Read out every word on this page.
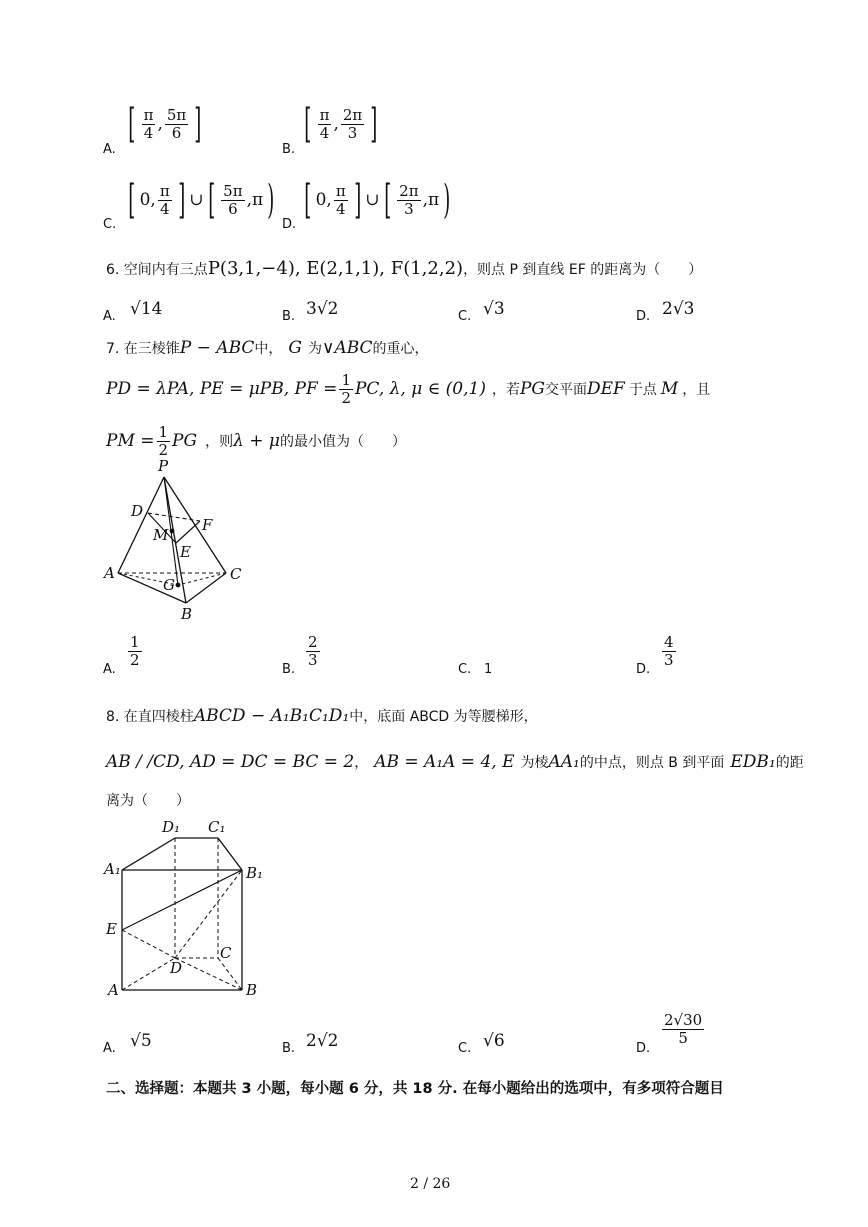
A.
[ $\frac{\pi}{4}$ , $\frac{5\pi}{6}$ ]
B.
[ $\frac{\pi}{4}$ , $\frac{2\pi}{3}$ ]
C.
[ 0, $\frac{\pi}{4}$ ] ∪ [ $\frac{5\pi}{6} ,\pi$ )
D.
[ 0, $\frac{\pi}{4}$ ] ∪ [ $\frac{2\pi}{3} ,\pi$ )
6. 空间内有三点P(3,1,−4), E(2,1,1), F(1,2,2)，则点 P 到直线 EF 的距离为（　　）
A. √14	B. 3√2	C. √3	D. 2√3
7. 在三棱锥P − ABC中， G 为∨ABC的重心，
PD = λPA, PE = μPB, PF = $\frac{1}{2}$ PC, λ, μ ∈ (0,1) ，若 PG 交平面 DEF 于点 M ，且
PM = $\frac{1}{2}$ PG ，则 λ + μ 的最小值为（　　）
P
D
F
M
E
A	C
G
B
A.
$\frac{1}{2}$
B.
$\frac{2}{3}$
C. 1	D.
$\frac{4}{3}$
8. 在直四棱柱ABCD − A₁B₁C₁D₁中，底面 ABCD 为等腰梯形，
AB / /CD, AD = DC = BC = 2， AB = A₁A = 4, E 为棱AA₁的中点，则点 B 到平面 EDB₁的距
离为（　　）
D₁ C₁
A₁	B₁
E
C
D
A	B
A. √5	B. 2√2	C. √6	D.
$\frac{2√30}{5}$
二、选择题：本题共 3 小题，每小题 6 分，共 18 分. 在每小题给出的选项中，有多项符合题目
2 / 26
